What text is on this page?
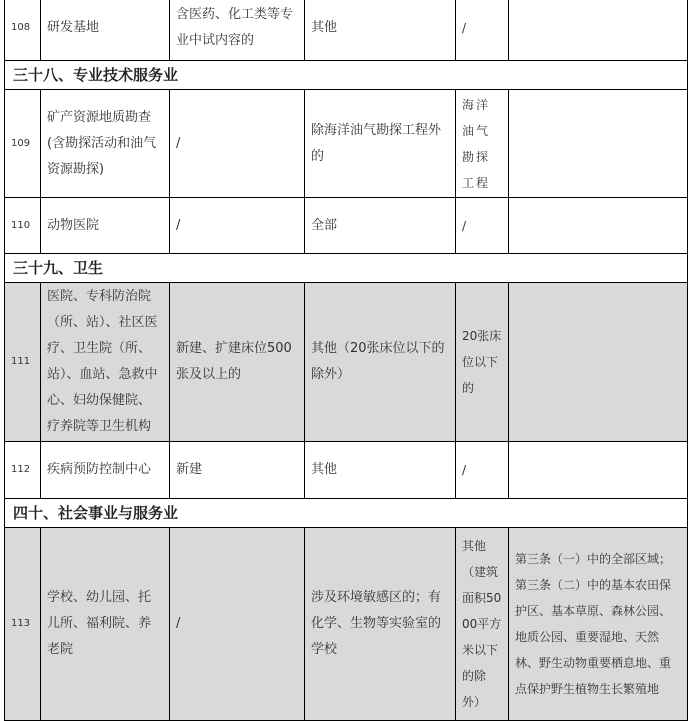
108	研发基地	含医药、化工类等专业中试内容的	其他	/	
三十八、专业技术服务业					
109	矿产资源地质勘查(含勘探活动和油气资源勘探)	/	除海洋油气勘探工程外的	海洋油气勘探工程	
110	动物医院	/	全部	/	
三十九、卫生					
111	医院、专科防治院（所、站）、社区医疗、卫生院（所、站）、血站、急救中心、妇幼保健院、疗养院等卫生机构	新建、扩建床位500张及以上的	其他（20张床位以下的除外）	20张床位以下的	
112	疾病预防控制中心	新建	其他	/	
四十、社会事业与服务业					
113	学校、幼儿园、托儿所、福利院、养老院	/	涉及环境敏感区的；有化学、生物等实验室的学校	其他（建筑面积5000平方米以下的除外）	第三条（一）中的全部区域；第三条（二）中的基本农田保护区、基本草原、森林公园、地质公园、重要湿地、天然林、野生动物重要栖息地、重点保护野生植物生长繁殖地
